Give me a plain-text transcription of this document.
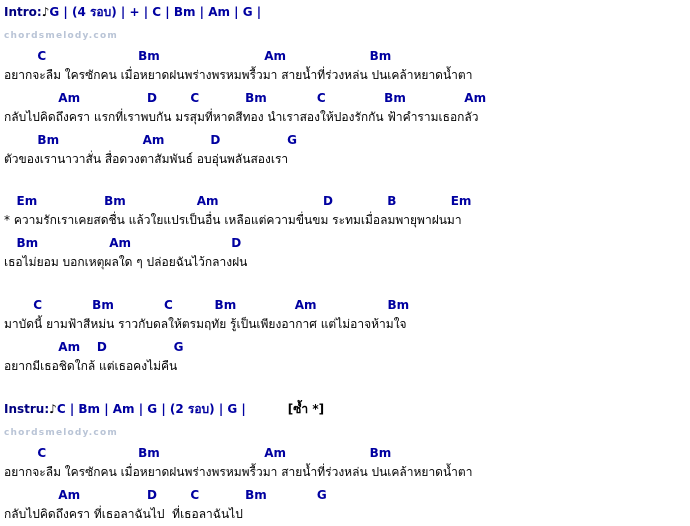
Intro:♪G | (4 รอบ) | + | C | Bm | Am | G |
chordsmelody.com
C                      Bm                         Am                    Bm
อยากจะลืม ใครซักคน เมื่อหยาดฝนพร่างพรหมพรื้วมา สายน้ำที่ร่วงหล่น ปนเคล้าหยาดน้ำตา
Am                D        C           Bm            C              Bm              Am
กลับไปคิดถึงครา แรกที่เราพบกัน มรสุมที่หาดสีทอง นำเราสองให้ปองรักกัน ฟ้าคำรามเธอกลัว
Bm                    Am           D                G
ตัวของเรานาวาสั่น สื่อดวงตาสัมพันธ์ อบอุ่นพลันสองเรา
Em                Bm                 Am                         D             B             Em
* ความรักเราเคยสดชื่น แล้วใยแปรเป็นอื่น เหลือแต่ความขื่นขม ระทมเมื่อลมพายุพาฝนมา
Bm                 Am                        D
เธอไม่ยอม บอกเหตุผลใด ๆ ปล่อยฉันไว้กลางฝน
C            Bm            C          Bm              Am                 Bm
มาบัดนี้ ยามฟ้าสีหม่น ราวกับดลให้ตรมฤทัย รู้เป็นเพียงอากาศ แต่ไม่อาจห้ามใจ
Am    D                G
อยากมีเธอชิดใกล้ แต่เธอคงไม่คืน
Instru:♪C | Bm | Am | G | (2 รอบ) | G |	[ซ้ำ *]
chordsmelody.com
C                      Bm                         Am                    Bm
อยากจะลืม ใครซักคน เมื่อหยาดฝนพร่างพรหมพรื้วมา สายน้ำที่ร่วงหล่น ปนเคล้าหยาดน้ำตา
Am                D        C           Bm            G
กลับไปคิดถึงครา ที่เธอลาฉันไป  ที่เธอลาฉันไป
